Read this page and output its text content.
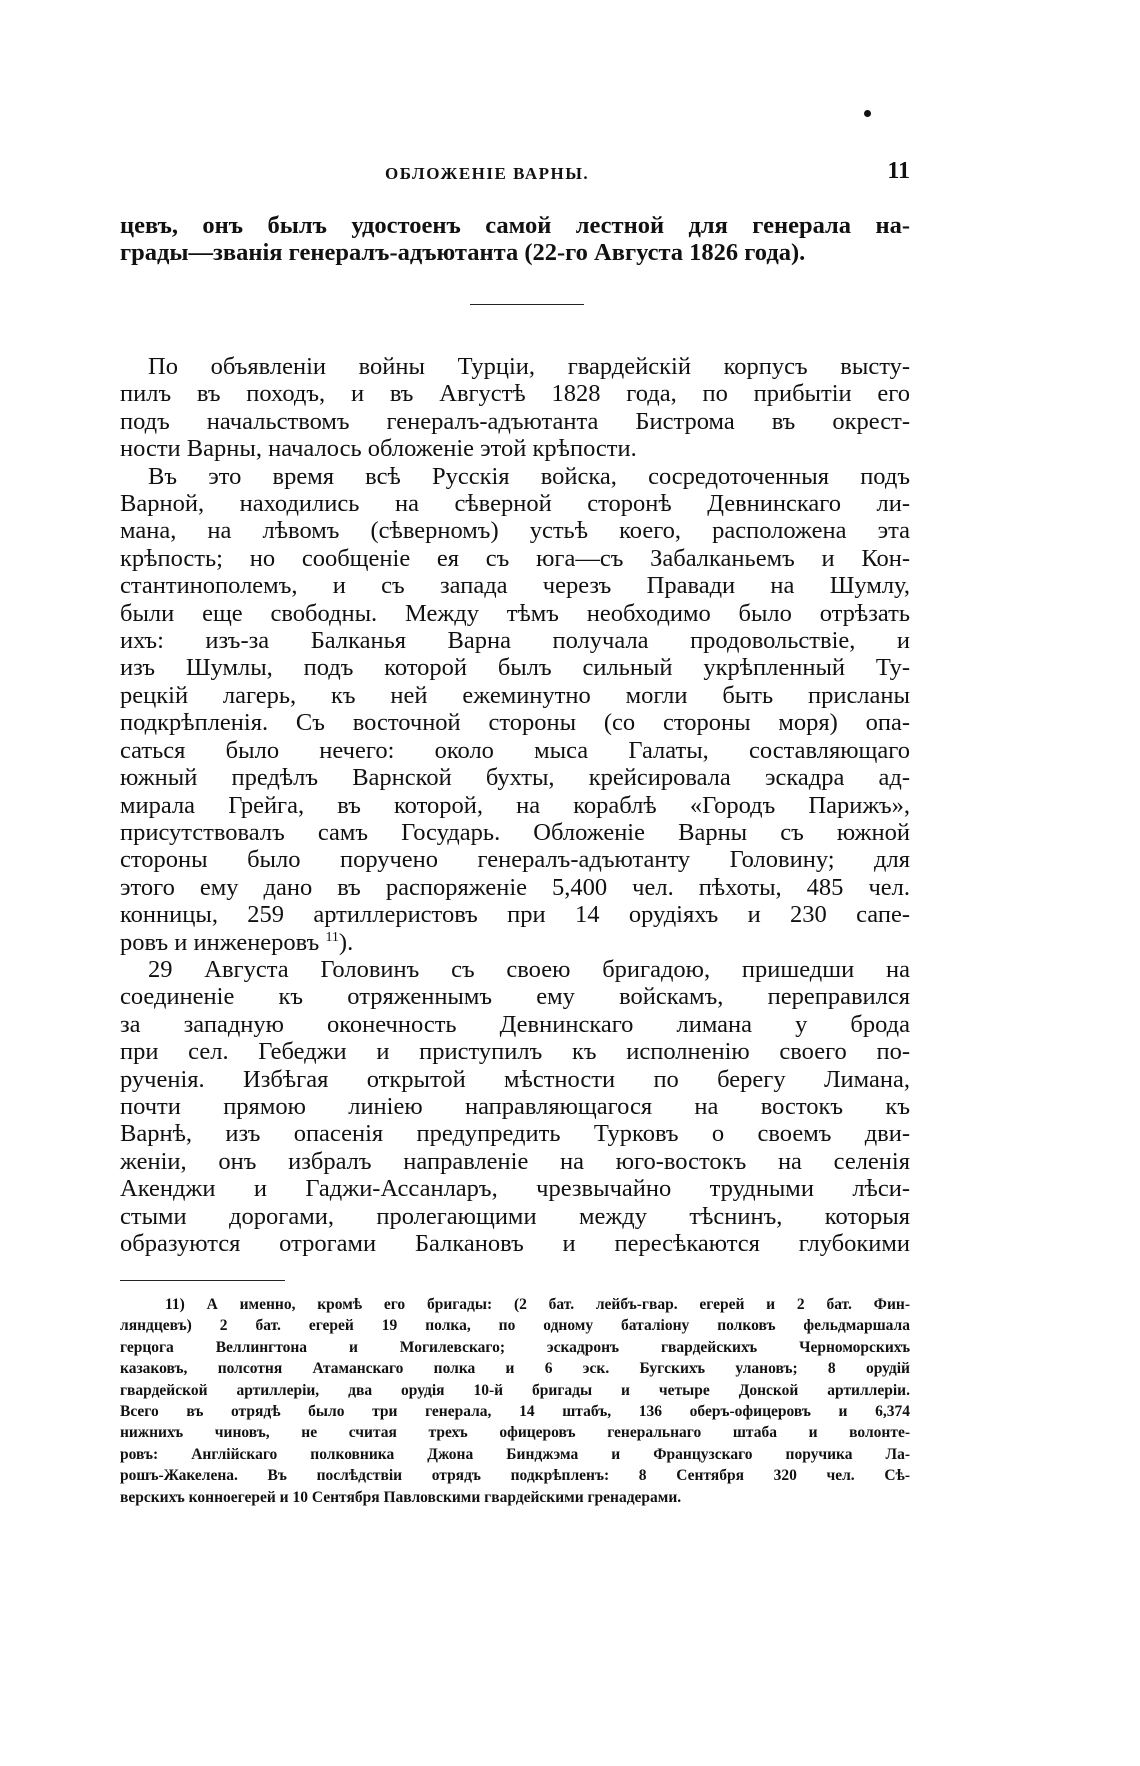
ОБЛОЖЕНІЕ ВАРНЫ.	11
цевъ, онъ былъ удостоенъ самой лестной для генерала на-
грады—званія генералъ-адъютанта (22-го Августа 1826 года).
По объявленіи войны Турціи, гвардейскій корпусъ высту-
пилъ въ походъ, и въ Августѣ 1828 года, по прибытіи его
подъ начальствомъ генералъ-адъютанта Бистрома въ окрест-
ности Варны, началось обложеніе этой крѣпости.
Въ это время всѣ Русскія войска, сосредоточенныя подъ
Варной, находились на сѣверной сторонѣ Девнинскаго ли-
мана, на лѣвомъ (сѣверномъ) устьѣ коего, расположена эта
крѣпость; но сообщеніе ея съ юга—съ Забалканьемъ и Кон-
стантинополемъ, и съ запада черезъ Правади на Шумлу,
были еще свободны. Между тѣмъ необходимо было отрѣзать
ихъ: изъ-за Балканья Варна получала продовольствіе, и
изъ Шумлы, подъ которой былъ сильный укрѣпленный Ту-
рецкій лагерь, къ ней ежеминутно могли быть присланы
подкрѣпленія. Съ восточной стороны (со стороны моря) опа-
саться было нечего: около мыса Галаты, составляющаго
южный предѣлъ Варнской бухты, крейсировала эскадра ад-
мирала Грейга, въ которой, на кораблѣ «Городъ Парижъ»,
присутствовалъ самъ Государь. Обложеніе Варны съ южной
стороны было поручено генералъ-адъютанту Головину; для
этого ему дано въ распоряженіе 5,400 чел. пѣхоты, 485 чел.
конницы, 259 артиллеристовъ при 14 орудіяхъ и 230 сапе-
ровъ и инженеровъ $^{11}$).
29 Августа Головинъ съ своею бригадою, пришедши на
соединеніе къ отряженнымъ ему войскамъ, переправился
за западную оконечность Девнинскаго лимана у брода
при сел. Гебеджи и приступилъ къ исполненію своего по-
рученія. Избѣгая открытой мѣстности по берегу Лимана,
почти прямою линіею направляющагося на востокъ къ
Варнѣ, изъ опасенія предупредить Турковъ о своемъ дви-
женіи, онъ избралъ направленіе на юго-востокъ на селенія
Акенджи и Гаджи-Ассанларъ, чрезвычайно трудными лѣси-
стыми дорогами, пролегающими между тѣснинъ, которыя
образуются отрогами Балкановъ и пересѣкаются глубокими
11) А именно, кромѣ его бригады: (2 бат. лейбъ-гвар. егерей и 2 бат. Фин-
ляндцевъ) 2 бат. егерей 19 полка, по одному баталіону полковъ фельдмаршала
герцога Веллингтона и Могилевскаго; эскадронъ гвардейскихъ Черноморскихъ
казаковъ, полсотня Атаманскаго полка и 6 эск. Бугскихъ улановъ; 8 орудій
гвардейской артиллеріи, два орудія 10-й бригады и четыре Донской артиллеріи.
Всего въ отрядѣ было три генерала, 14 штабъ, 136 оберъ-офицеровъ и 6,374
нижнихъ чиновъ, не считая трехъ офицеровъ генеральнаго штаба и волонте-
ровъ: Англійскаго полковника Джона Бинджэма и Французскаго поручика Ла-
рошъ-Жакелена. Въ послѣдствіи отрядъ подкрѣпленъ: 8 Сентября 320 чел. Сѣ-
верскихъ конноегерей и 10 Сентября Павловскими гвардейскими гренадерами.
